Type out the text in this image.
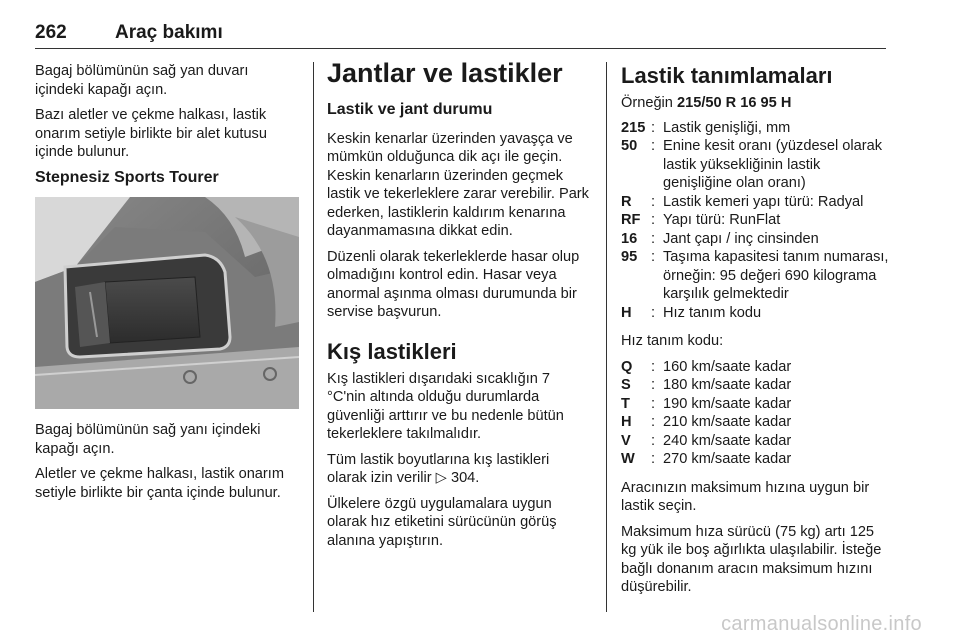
262	Araç bakımı

Bagaj bölümünün sağ yan duvarı içindeki kapağı açın.

Bazı aletler ve çekme halkası, lastik onarım setiyle birlikte bir alet kutusu içinde bulunur.

Stepnesiz Sports Tourer

Bagaj bölümünün sağ yanı içindeki kapağı açın.

Aletler ve çekme halkası, lastik onarım setiyle birlikte bir çanta içinde bulunur.

Jantlar ve lastikler
Lastik ve jant durumu

Keskin kenarlar üzerinden yavaşça ve mümkün olduğunca dik açı ile geçin. Keskin kenarların üzerinden geçmek lastik ve tekerleklere zarar verebilir. Park ederken, lastiklerin kaldırım kenarına dayanmamasına dikkat edin.

Düzenli olarak tekerleklerde hasar olup olmadığını kontrol edin. Hasar veya anormal aşınma olması durumunda bir servise başvurun.

Kış lastikleri

Kış lastikleri dışarıdaki sıcaklığın 7 °C'nin altında olduğu durumlarda güvenliği arttırır ve bu nedenle bütün tekerleklere takılmalıdır.

Tüm lastik boyutlarına kış lastikleri olarak izin verilir ▷ 304.

Ülkelere özgü uygulamalara uygun olarak hız etiketini sürücünün görüş alanına yapıştırın.

Lastik tanımlamaları

Örneğin 215/50 R 16 95 H

215 : Lastik genişliği, mm
50 : Enine kesit oranı (yüzdesel olarak lastik yüksekliğinin lastik genişliğine olan oranı)
R	: Lastik kemeri yapı türü: Radyal
RF : Yapı türü: RunFlat
16 : Jant çapı / inç cinsinden
95 : Taşıma kapasitesi tanım numarası, örneğin: 95 değeri 690 kilograma karşılık gelmektedir
H	: Hız tanım kodu

Hız tanım kodu:

Q	: 160 km/saate kadar
S	: 180 km/saate kadar
T	: 190 km/saate kadar
H	: 210 km/saate kadar
V	: 240 km/saate kadar
W	: 270 km/saate kadar

Aracınızın maksimum hızına uygun bir lastik seçin.

Maksimum hıza sürücü (75 kg) artı 125 kg yük ile boş ağırlıkta ulaşılabilir. İsteğe bağlı donanım aracın maksimum hızını düşürebilir.

carmanualsonline.info
